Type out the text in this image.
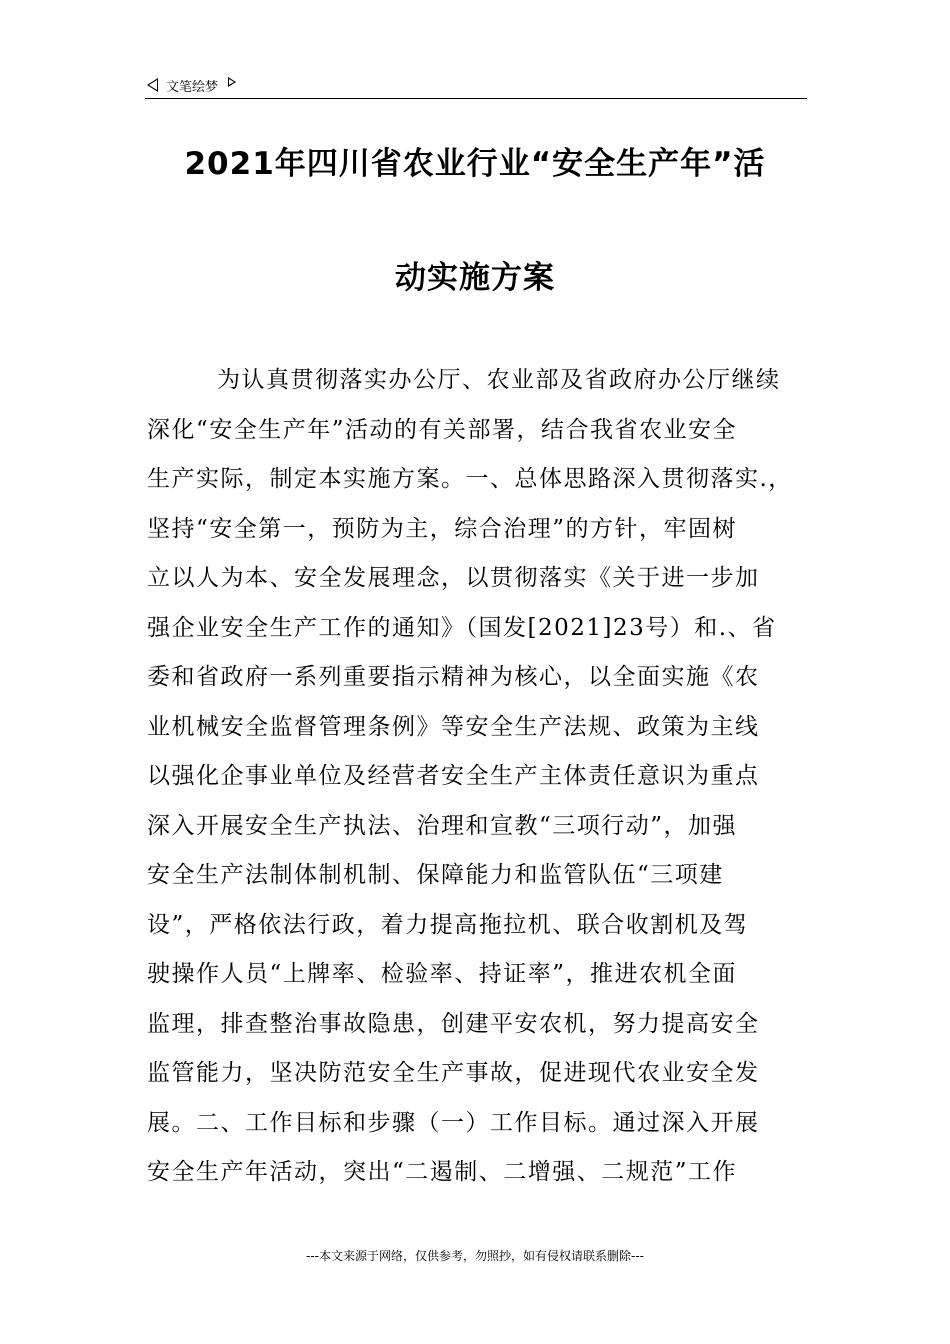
文笔绘梦
2021年四川省农业行业“安全生产年”活
动实施方案
为认真贯彻落实办公厅、农业部及省政府办公厅继续
深化“安全生产年”活动的有关部署，结合我省农业安全
生产实际，制定本实施方案。一、总体思路深入贯彻落实.，
坚持“安全第一，预防为主，综合治理”的方针，牢固树
立以人为本、安全发展理念，以贯彻落实《关于进一步加
强企业安全生产工作的通知》（国发[2021]23号）和.、省
委和省政府一系列重要指示精神为核心，以全面实施《农
业机械安全监督管理条例》等安全生产法规、政策为主线
以强化企事业单位及经营者安全生产主体责任意识为重点
深入开展安全生产执法、治理和宣教“三项行动”，加强
安全生产法制体制机制、保障能力和监管队伍“三项建
设”，严格依法行政，着力提高拖拉机、联合收割机及驾
驶操作人员“上牌率、检验率、持证率”，推进农机全面
监理，排查整治事故隐患，创建平安农机，努力提高安全
监管能力，坚决防范安全生产事故，促进现代农业安全发
展。二、工作目标和步骤（一）工作目标。通过深入开展
安全生产年活动，突出“二遏制、二增强、二规范”工作
---本文来源于网络，仅供参考，勿照抄，如有侵权请联系删除---
